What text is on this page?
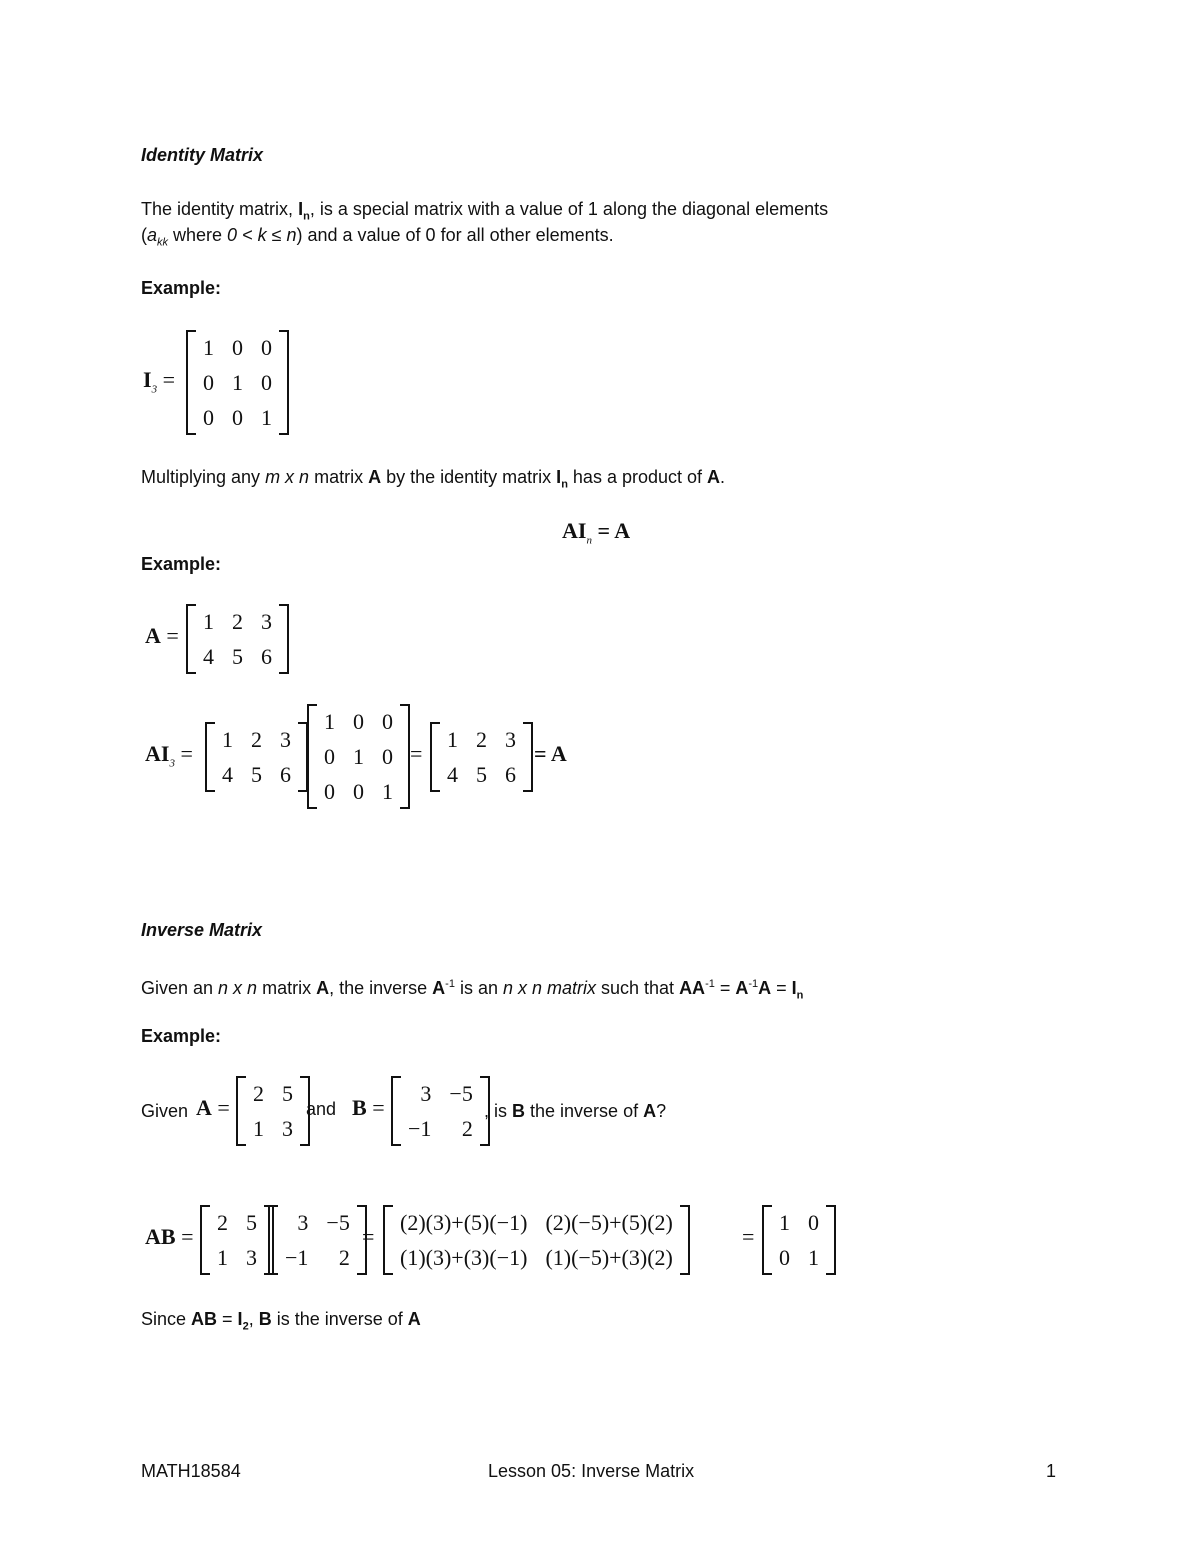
Identity Matrix
The identity matrix, $I_n$, is a special matrix with a value of 1 along the diagonal elements
($a_{kk}$ where 0 < k ≤ n) and a value of 0 for all other elements.
Example:
$I_3$ =
1	0	0
0	1	0
0	0	1
Multiplying any m x n matrix A by the identity matrix $I_n$ has a product of A.
$AI_n = A$
Example:
A =
1	2	3
4	5	6
$AI_3$ =
1	2	3
4	5	6
1	0	0
0	1	0
0	0	1
=
1	2	3
4	5	6
= A
Inverse Matrix
Given an n x n matrix A, the inverse $A^{-1}$ is an n x n matrix such that $AA^{-1} = A^{-1}A = I_n$
Example:
Given A =
2	5
1	3
and B =
3	−5
−1	2
, is B the inverse of A?
AB =
2	5
1	3
3	−5
−1	2
=
(2)(3)+(5)(−1)	(2)(−5)+(5)(2)
(1)(3)+(3)(−1)	(1)(−5)+(3)(2)
=
1	0
0	1
Since AB = $I_2$, B is the inverse of A
MATH18584	Lesson 05: Inverse Matrix	1
